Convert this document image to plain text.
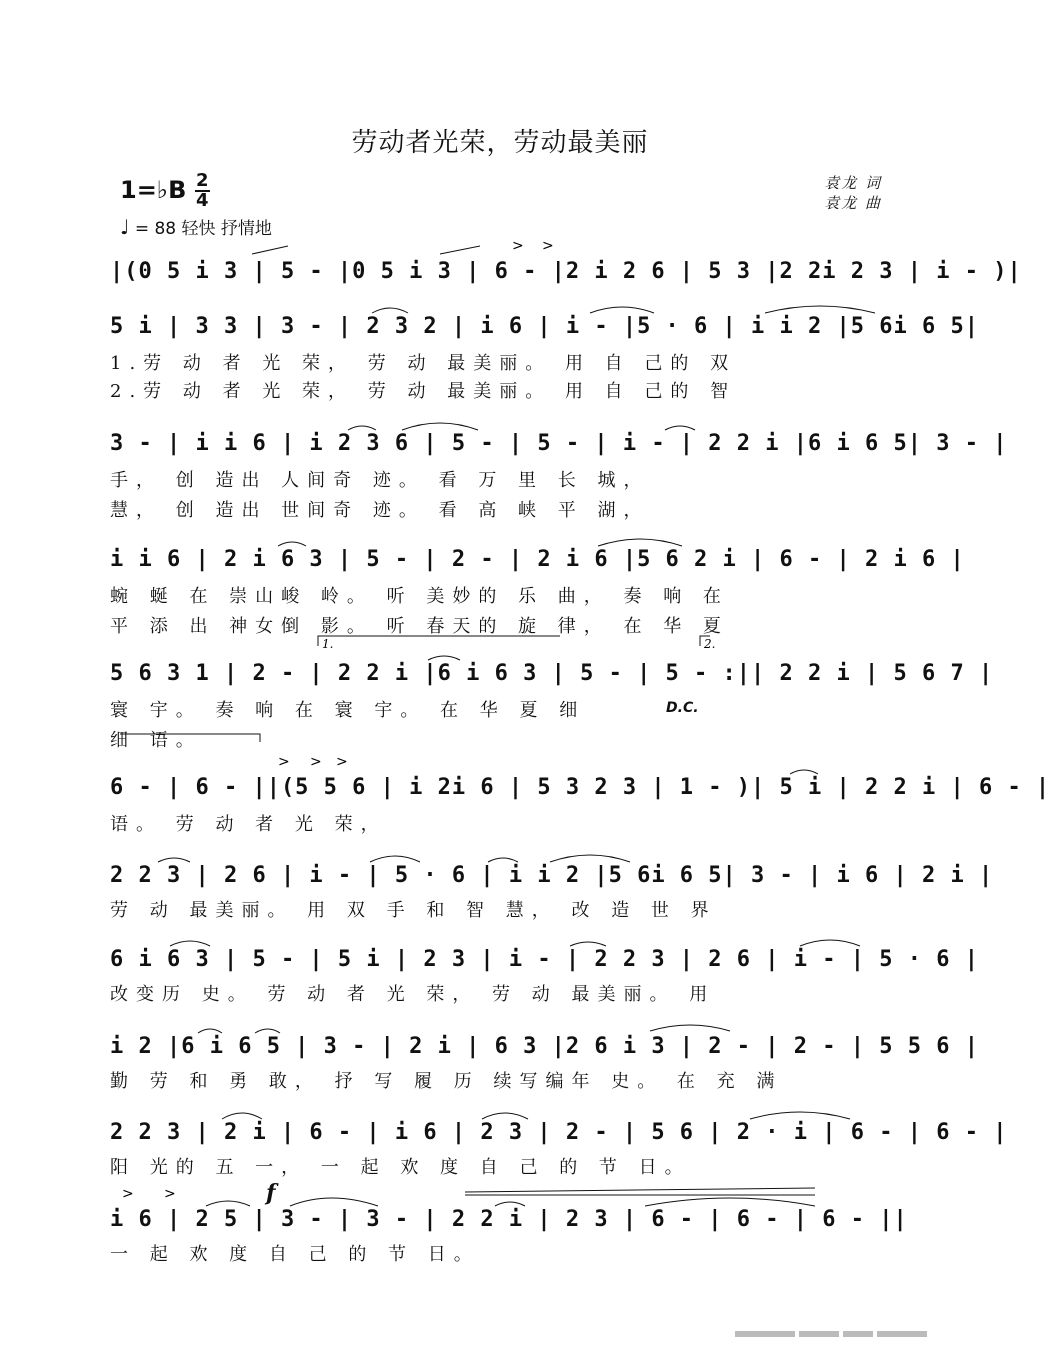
劳动者光荣，劳动最美丽
袁龙 词
袁龙 曲
1=♭B 2
4
♩ = 88 轻快 抒情地
|(0 5 i 3 | 5 - |0 5 i 3 | 6 - |2 i 2 6 | 5 3 |2 2i 2 3 | i - )|
> >
5 i | 3 3 | 3 - | 2 3 2 | i 6 | i - |5 · 6 | i i 2 |5 6i 6 5|
1.劳 动 者 光 荣， 劳 动 最美丽。 用 自 己的 双
2.劳 动 者 光 荣， 劳 动 最美丽。 用 自 己的 智
3 - | i i 6 | i 2 3 6 | 5 - | 5 - | i - | 2 2 i |6 i 6 5| 3 - |
手， 创 造出 人间奇 迹。 看 万 里 长 城，
慧， 创 造出 世间奇 迹。 看 高 峡 平 湖，
i i 6 | 2 i 6 3 | 5 - | 2 - | 2 i 6 |5 6 2 i | 6 - | 2 i 6 |
蜿 蜒 在 崇山峻 岭。 听 美妙的 乐 曲， 奏 响 在
平 添 出 神女倒 影。 听 春天的 旋 律， 在 华 夏
5 6 3 1 | 2 - | 2 2 i |6 i 6 3 | 5 - | 5 - :|| 2 2 i | 5 6 7 |
1.	2.
寰 宇。 奏 响 在 寰 宇。 在 华 夏 细	D.C.
细 语。
6 - | 6 - ||(5 5 6 | i 2i 6 | 5 3 2 3 | 1 - )| 5 i | 2 2 i | 6 - |
> > >
语。 劳 动 者 光 荣，
2 2 3 | 2 6 | i - | 5 · 6 | i i 2 |5 6i 6 5| 3 - | i 6 | 2 i |
劳 动 最美丽。 用 双 手 和 智 慧， 改 造 世 界
6 i 6 3 | 5 - | 5 i | 2 3 | i - | 2 2 3 | 2 6 | i - | 5 · 6 |
改变历 史。 劳 动 者 光 荣， 劳 动 最美丽。 用
i 2 |6 i 6 5 | 3 - | 2 i | 6 3 |2 6 i 3 | 2 - | 2 - | 5 5 6 |
勤 劳 和 勇 敢， 抒 写 履 历 续写编年 史。 在 充 满
2 2 3 | 2 i | 6 - | i 6 | 2 3 | 2 - | 5 6 | 2 · i | 6 - | 6 - |
阳 光的 五 一， 一 起 欢 度 自 己 的 节 日。
i 6 | 2 5 | 3 - | 3 - | 2 2 i | 2 3 | 6 - | 6 - | 6 - ||
> >	f
一 起 欢 度 自 己 的 节 日。
